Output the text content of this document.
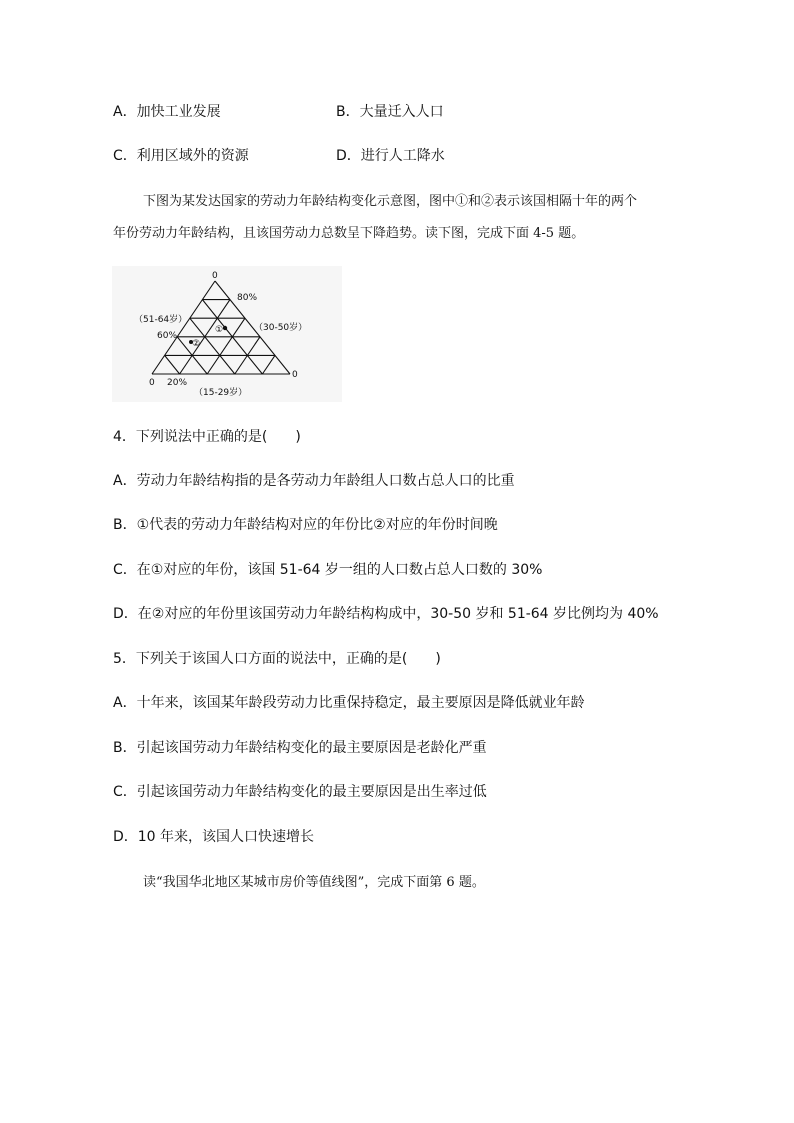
A．加快工业发展	B．大量迁入人口
C．利用区域外的资源	D．进行人工降水
下图为某发达国家的劳动力年龄结构变化示意图，图中①和②表示该国相隔十年的两个
年份劳动力年龄结构，且该国劳动力总数呈下降趋势。读下图，完成下面 4-5 题。
0
80%
（51-64岁）
（30-50岁）
60%
①
②
0
0 20%
（15-29岁）
4．下列说法中正确的是(　　)
A．劳动力年龄结构指的是各劳动力年龄组人口数占总人口的比重
B．①代表的劳动力年龄结构对应的年份比②对应的年份时间晚
C．在①对应的年份，该国 51-64 岁一组的人口数占总人口数的 30%
D．在②对应的年份里该国劳动力年龄结构构成中，30-50 岁和 51-64 岁比例均为 40%
5．下列关于该国人口方面的说法中，正确的是(　　)
A．十年来，该国某年龄段劳动力比重保持稳定，最主要原因是降低就业年龄
B．引起该国劳动力年龄结构变化的最主要原因是老龄化严重
C．引起该国劳动力年龄结构变化的最主要原因是出生率过低
D．10 年来，该国人口快速增长
读“我国华北地区某城市房价等值线图”，完成下面第 6 题。
